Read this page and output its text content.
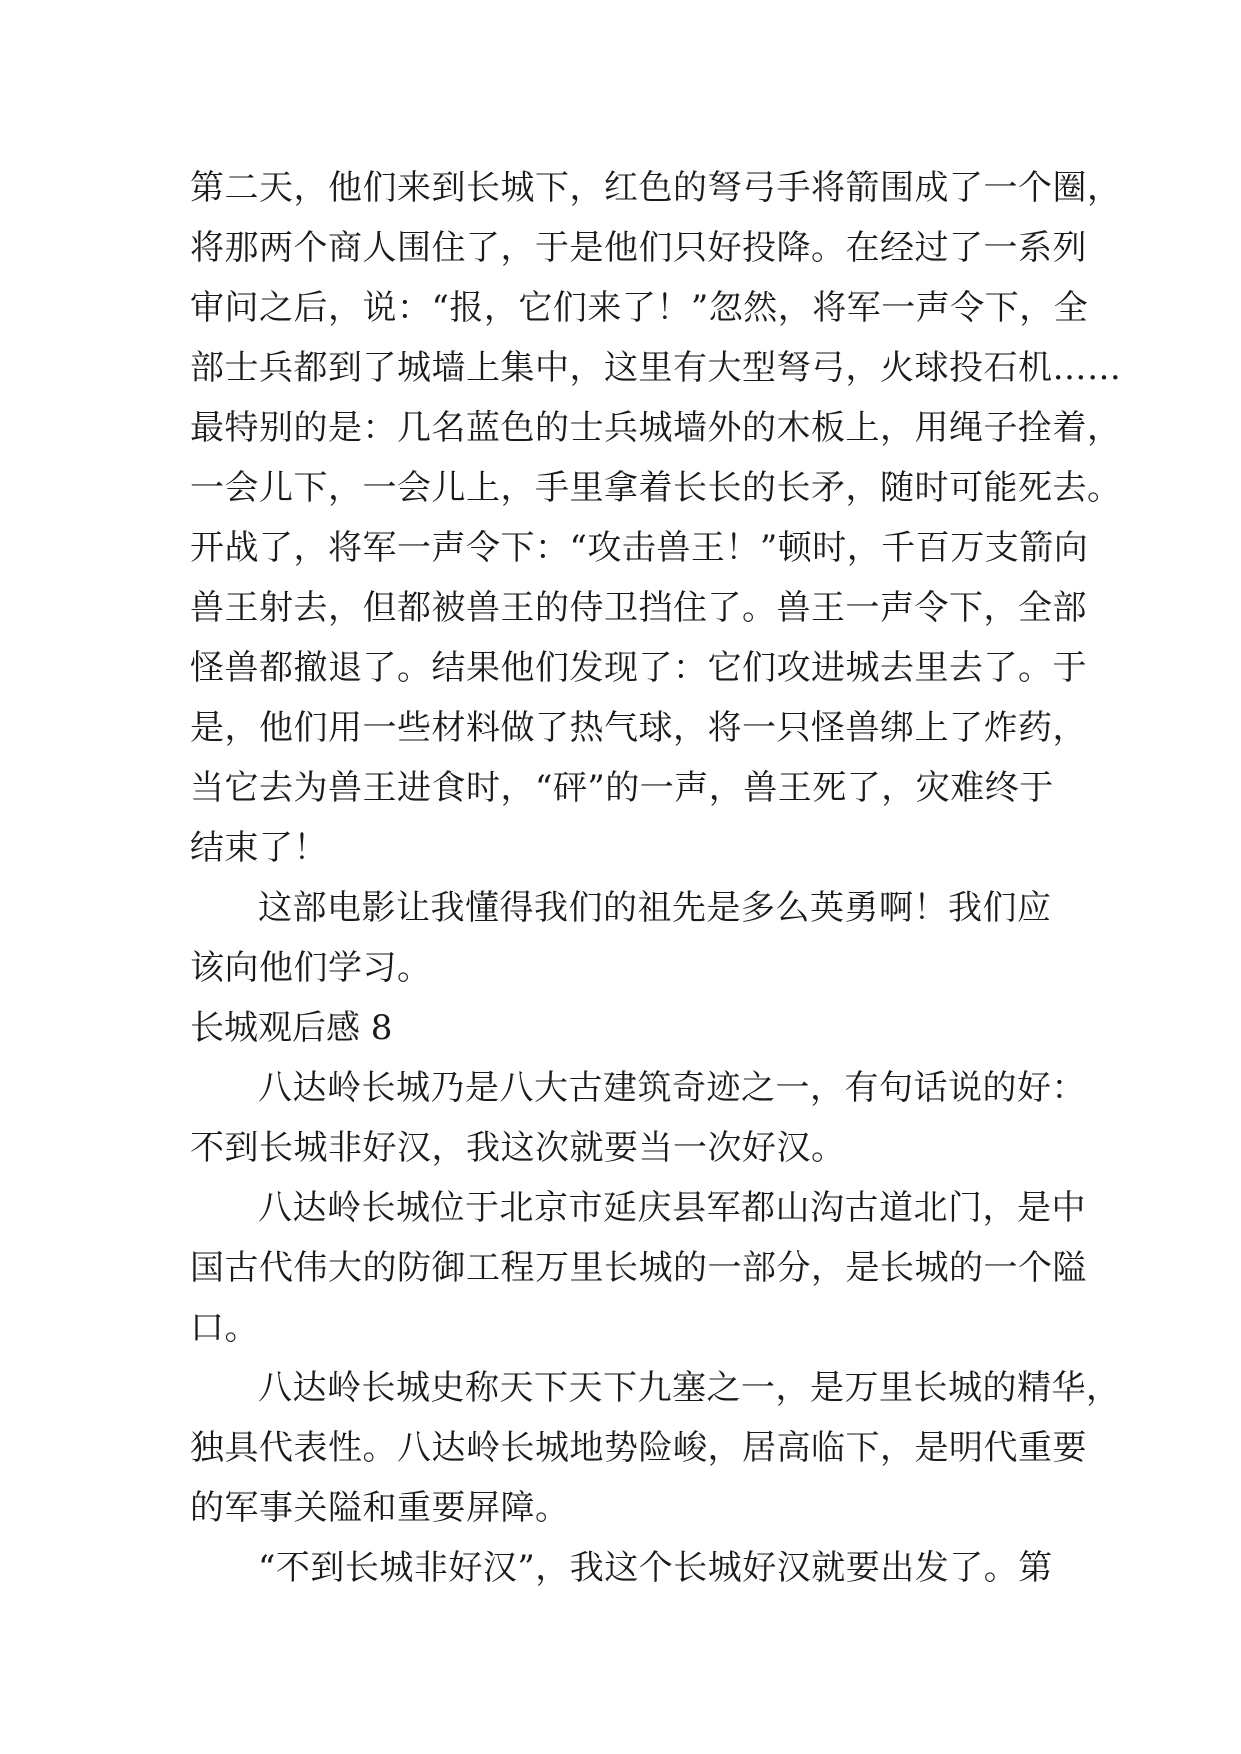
第二天，他们来到长城下，红色的弩弓手将箭围成了一个圈，
将那两个商人围住了，于是他们只好投降。在经过了一系列
审问之后，说：“报，它们来了！”忽然，将军一声令下，全
部士兵都到了城墙上集中，这里有大型弩弓，火球投石机……
最特别的是：几名蓝色的士兵城墙外的木板上，用绳子拴着，
一会儿下，一会儿上，手里拿着长长的长矛，随时可能死去。
开战了，将军一声令下：“攻击兽王！”顿时，千百万支箭向
兽王射去，但都被兽王的侍卫挡住了。兽王一声令下，全部
怪兽都撤退了。结果他们发现了：它们攻进城去里去了。于
是，他们用一些材料做了热气球，将一只怪兽绑上了炸药，
当它去为兽王进食时，“砰”的一声，兽王死了，灾难终于
结束了！
这部电影让我懂得我们的祖先是多么英勇啊！我们应
该向他们学习。
长城观后感 8
八达岭长城乃是八大古建筑奇迹之一，有句话说的好：
不到长城非好汉，我这次就要当一次好汉。
八达岭长城位于北京市延庆县军都山沟古道北门，是中
国古代伟大的防御工程万里长城的一部分，是长城的一个隘
口。
八达岭长城史称天下天下九塞之一，是万里长城的精华，
独具代表性。八达岭长城地势险峻，居高临下，是明代重要
的军事关隘和重要屏障。
“不到长城非好汉”，我这个长城好汉就要出发了。第
